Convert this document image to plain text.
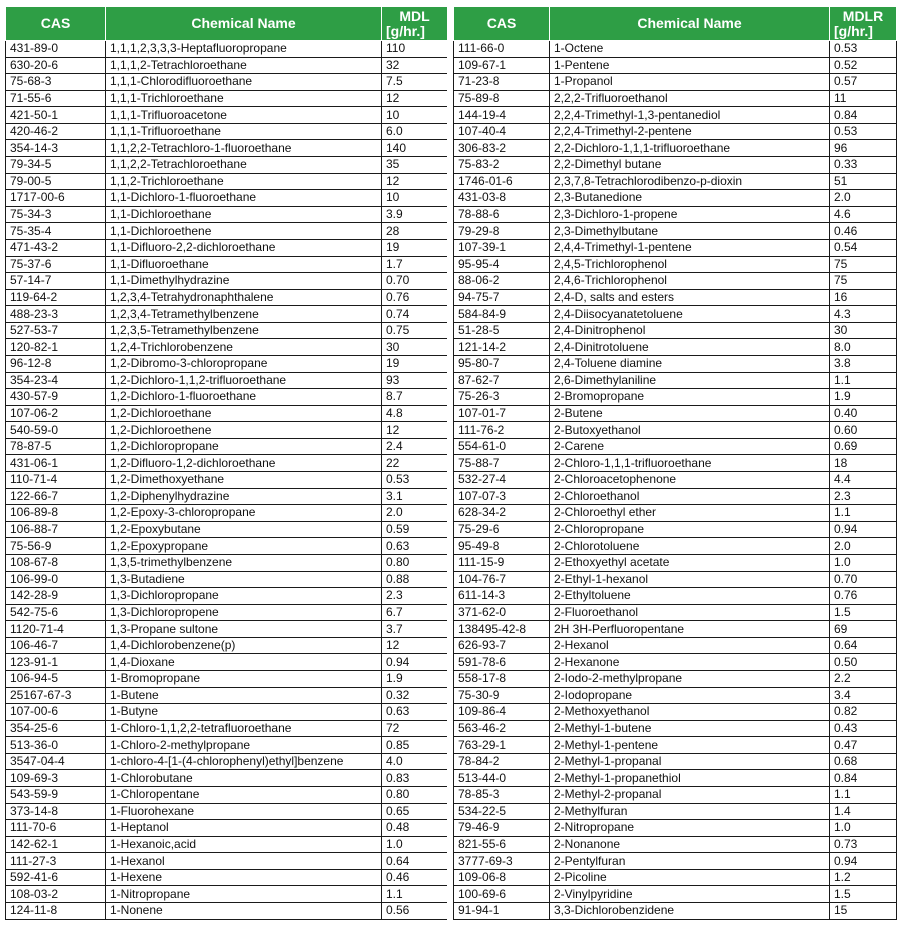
CAS	Chemical Name	MDL
[g/hr.]

431-89-0	1,1,1,2,3,3,3-Heptafluoropropane	110
630-20-6	1,1,1,2-Tetrachloroethane	32
75-68-3	1,1,1-Chlorodifluoroethane	7.5
71-55-6	1,1,1-Trichloroethane	12
421-50-1	1,1,1-Trifluoroacetone	10
420-46-2	1,1,1-Trifluoroethane	6.0
354-14-3	1,1,2,2-Tetrachloro-1-fluoroethane	140
79-34-5	1,1,2,2-Tetrachloroethane	35
79-00-5	1,1,2-Trichloroethane	12
1717-00-6	1,1-Dichloro-1-fluoroethane	10
75-34-3	1,1-Dichloroethane	3.9
75-35-4	1,1-Dichloroethene	28
471-43-2	1,1-Difluoro-2,2-dichloroethane	19
75-37-6	1,1-Difluoroethane	1.7
57-14-7	1,1-Dimethylhydrazine	0.70
119-64-2	1,2,3,4-Tetrahydronaphthalene	0.76
488-23-3	1,2,3,4-Tetramethylbenzene	0.74
527-53-7	1,2,3,5-Tetramethylbenzene	0.75
120-82-1	1,2,4-Trichlorobenzene	30
96-12-8	1,2-Dibromo-3-chloropropane	19
354-23-4	1,2-Dichloro-1,1,2-trifluoroethane	93
430-57-9	1,2-Dichloro-1-fluoroethane	8.7
107-06-2	1,2-Dichloroethane	4.8
540-59-0	1,2-Dichloroethene	12
78-87-5	1,2-Dichloropropane	2.4
431-06-1	1,2-Difluoro-1,2-dichloroethane	22
110-71-4	1,2-Dimethoxyethane	0.53
122-66-7	1,2-Diphenylhydrazine	3.1
106-89-8	1,2-Epoxy-3-chloropropane	2.0
106-88-7	1,2-Epoxybutane	0.59
75-56-9	1,2-Epoxypropane	0.63
108-67-8	1,3,5-trimethylbenzene	0.80
106-99-0	1,3-Butadiene	0.88
142-28-9	1,3-Dichloropropane	2.3
542-75-6	1,3-Dichloropropene	6.7
1120-71-4	1,3-Propane sultone	3.7
106-46-7	1,4-Dichlorobenzene(p)	12
123-91-1	1,4-Dioxane	0.94
106-94-5	1-Bromopropane	1.9
25167-67-3	1-Butene	0.32
107-00-6	1-Butyne	0.63
354-25-6	1-Chloro-1,1,2,2-tetrafluoroethane	72
513-36-0	1-Chloro-2-methylpropane	0.85
3547-04-4	1-chloro-4-[1-(4-chlorophenyl)ethyl]benzene	4.0
109-69-3	1-Chlorobutane	0.83
543-59-9	1-Chloropentane	0.80
373-14-8	1-Fluorohexane	0.65
111-70-6	1-Heptanol	0.48
142-62-1	1-Hexanoic,acid	1.0
111-27-3	1-Hexanol	0.64
592-41-6	1-Hexene	0.46
108-03-2	1-Nitropropane	1.1
124-11-8	1-Nonene	0.56
CAS	Chemical Name	MDLR
[g/hr.]

111-66-0	1-Octene	0.53
109-67-1	1-Pentene	0.52
71-23-8	1-Propanol	0.57
75-89-8	2,2,2-Trifluoroethanol	11
144-19-4	2,2,4-Trimethyl-1,3-pentanediol	0.84
107-40-4	2,2,4-Trimethyl-2-pentene	0.53
306-83-2	2,2-Dichloro-1,1,1-trifluoroethane	96
75-83-2	2,2-Dimethyl butane	0.33
1746-01-6	2,3,7,8-Tetrachlorodibenzo-p-dioxin	51
431-03-8	2,3-Butanedione	2.0
78-88-6	2,3-Dichloro-1-propene	4.6
79-29-8	2,3-Dimethylbutane	0.46
107-39-1	2,4,4-Trimethyl-1-pentene	0.54
95-95-4	2,4,5-Trichlorophenol	75
88-06-2	2,4,6-Trichlorophenol	75
94-75-7	2,4-D, salts and esters	16
584-84-9	2,4-Diisocyanatetoluene	4.3
51-28-5	2,4-Dinitrophenol	30
121-14-2	2,4-Dinitrotoluene	8.0
95-80-7	2,4-Toluene diamine	3.8
87-62-7	2,6-Dimethylaniline	1.1
75-26-3	2-Bromopropane	1.9
107-01-7	2-Butene	0.40
111-76-2	2-Butoxyethanol	0.60
554-61-0	2-Carene	0.69
75-88-7	2-Chloro-1,1,1-trifluoroethane	18
532-27-4	2-Chloroacetophenone	4.4
107-07-3	2-Chloroethanol	2.3
628-34-2	2-Chloroethyl ether	1.1
75-29-6	2-Chloropropane	0.94
95-49-8	2-Chlorotoluene	2.0
111-15-9	2-Ethoxyethyl acetate	1.0
104-76-7	2-Ethyl-1-hexanol	0.70
611-14-3	2-Ethyltoluene	0.76
371-62-0	2-Fluoroethanol	1.5
138495-42-8	2H 3H-Perfluoropentane	69
626-93-7	2-Hexanol	0.64
591-78-6	2-Hexanone	0.50
558-17-8	2-Iodo-2-methylpropane	2.2
75-30-9	2-Iodopropane	3.4
109-86-4	2-Methoxyethanol	0.82
563-46-2	2-Methyl-1-butene	0.43
763-29-1	2-Methyl-1-pentene	0.47
78-84-2	2-Methyl-1-propanal	0.68
513-44-0	2-Methyl-1-propanethiol	0.84
78-85-3	2-Methyl-2-propanal	1.1
534-22-5	2-Methylfuran	1.4
79-46-9	2-Nitropropane	1.0
821-55-6	2-Nonanone	0.73
3777-69-3	2-Pentylfuran	0.94
109-06-8	2-Picoline	1.2
100-69-6	2-Vinylpyridine	1.5
91-94-1	3,3-Dichlorobenzidene	15
